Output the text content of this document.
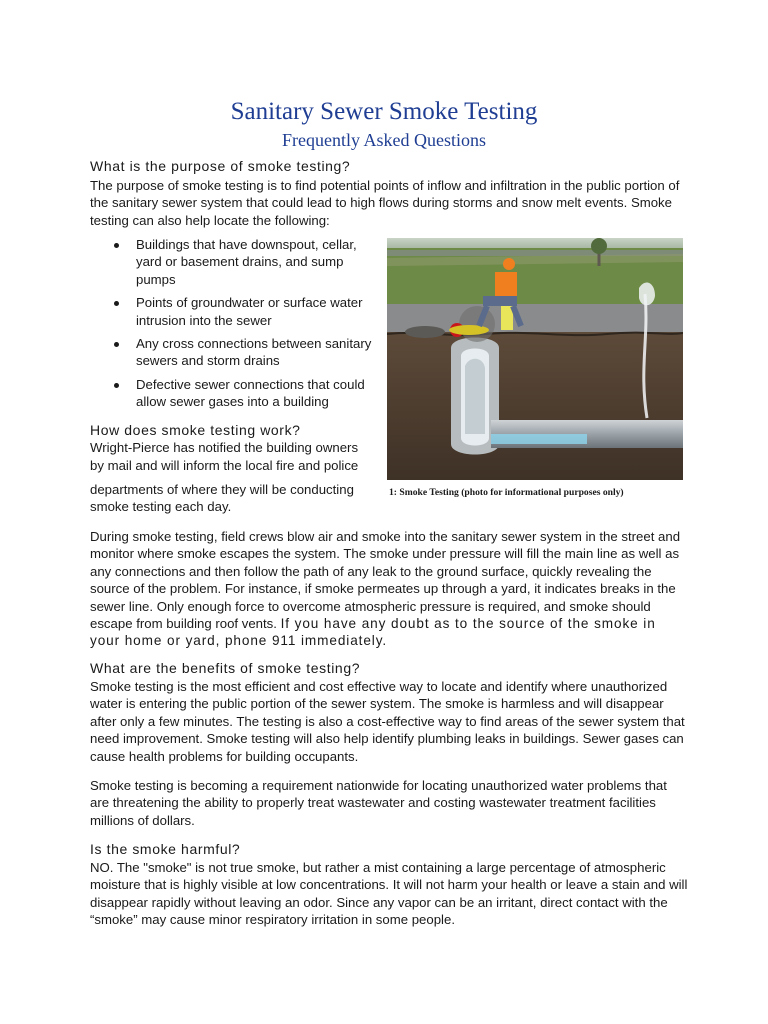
Sanitary Sewer Smoke Testing
Frequently Asked Questions
What is the purpose of smoke testing?

The purpose of smoke testing is to find potential points of inflow and infiltration in the public portion of the sanitary sewer system that could lead to high flows during storms and snow melt events. Smoke testing can also help locate the following:

Buildings that have downspout, cellar, yard or basement drains, and sump pumps
Points of groundwater or surface water intrusion into the sewer
Any cross connections between sanitary sewers and storm drains
Defective sewer connections that could allow sewer gases into a building
How does smoke testing work?

Wright-Pierce has notified the building owners

by mail and will inform the local fire and police

departments of where they will be conducting smoke testing each day.

1: Smoke Testing (photo for informational purposes only)

During smoke testing, field crews blow air and smoke into the sanitary sewer system in the street and monitor where smoke escapes the system. The smoke under pressure will fill the main line as well as any connections and then follow the path of any leak to the ground surface, quickly revealing the source of the problem. For instance, if smoke permeates up through a yard, it indicates breaks in the sewer line. Only enough force to overcome atmospheric pressure is required, and smoke should escape from building roof vents. If you have any doubt as to the source of the smoke in your home or yard, phone 911 immediately.

What are the benefits of smoke testing?

Smoke testing is the most efficient and cost effective way to locate and identify where unauthorized water is entering the public portion of the sewer system. The smoke is harmless and will disappear after only a few minutes. The testing is also a cost-effective way to find areas of the sewer system that need improvement. Smoke testing will also help identify plumbing leaks in buildings. Sewer gases can cause health problems for building occupants.

Smoke testing is becoming a requirement nationwide for locating unauthorized water problems that are threatening the ability to properly treat wastewater and costing wastewater treatment facilities millions of dollars.

Is the smoke harmful?

NO. The "smoke" is not true smoke, but rather a mist containing a large percentage of atmospheric moisture that is highly visible at low concentrations. It will not harm your health or leave a stain and will disappear rapidly without leaving an odor. Since any vapor can be an irritant, direct contact with the “smoke” may cause minor respiratory irritation in some people.
